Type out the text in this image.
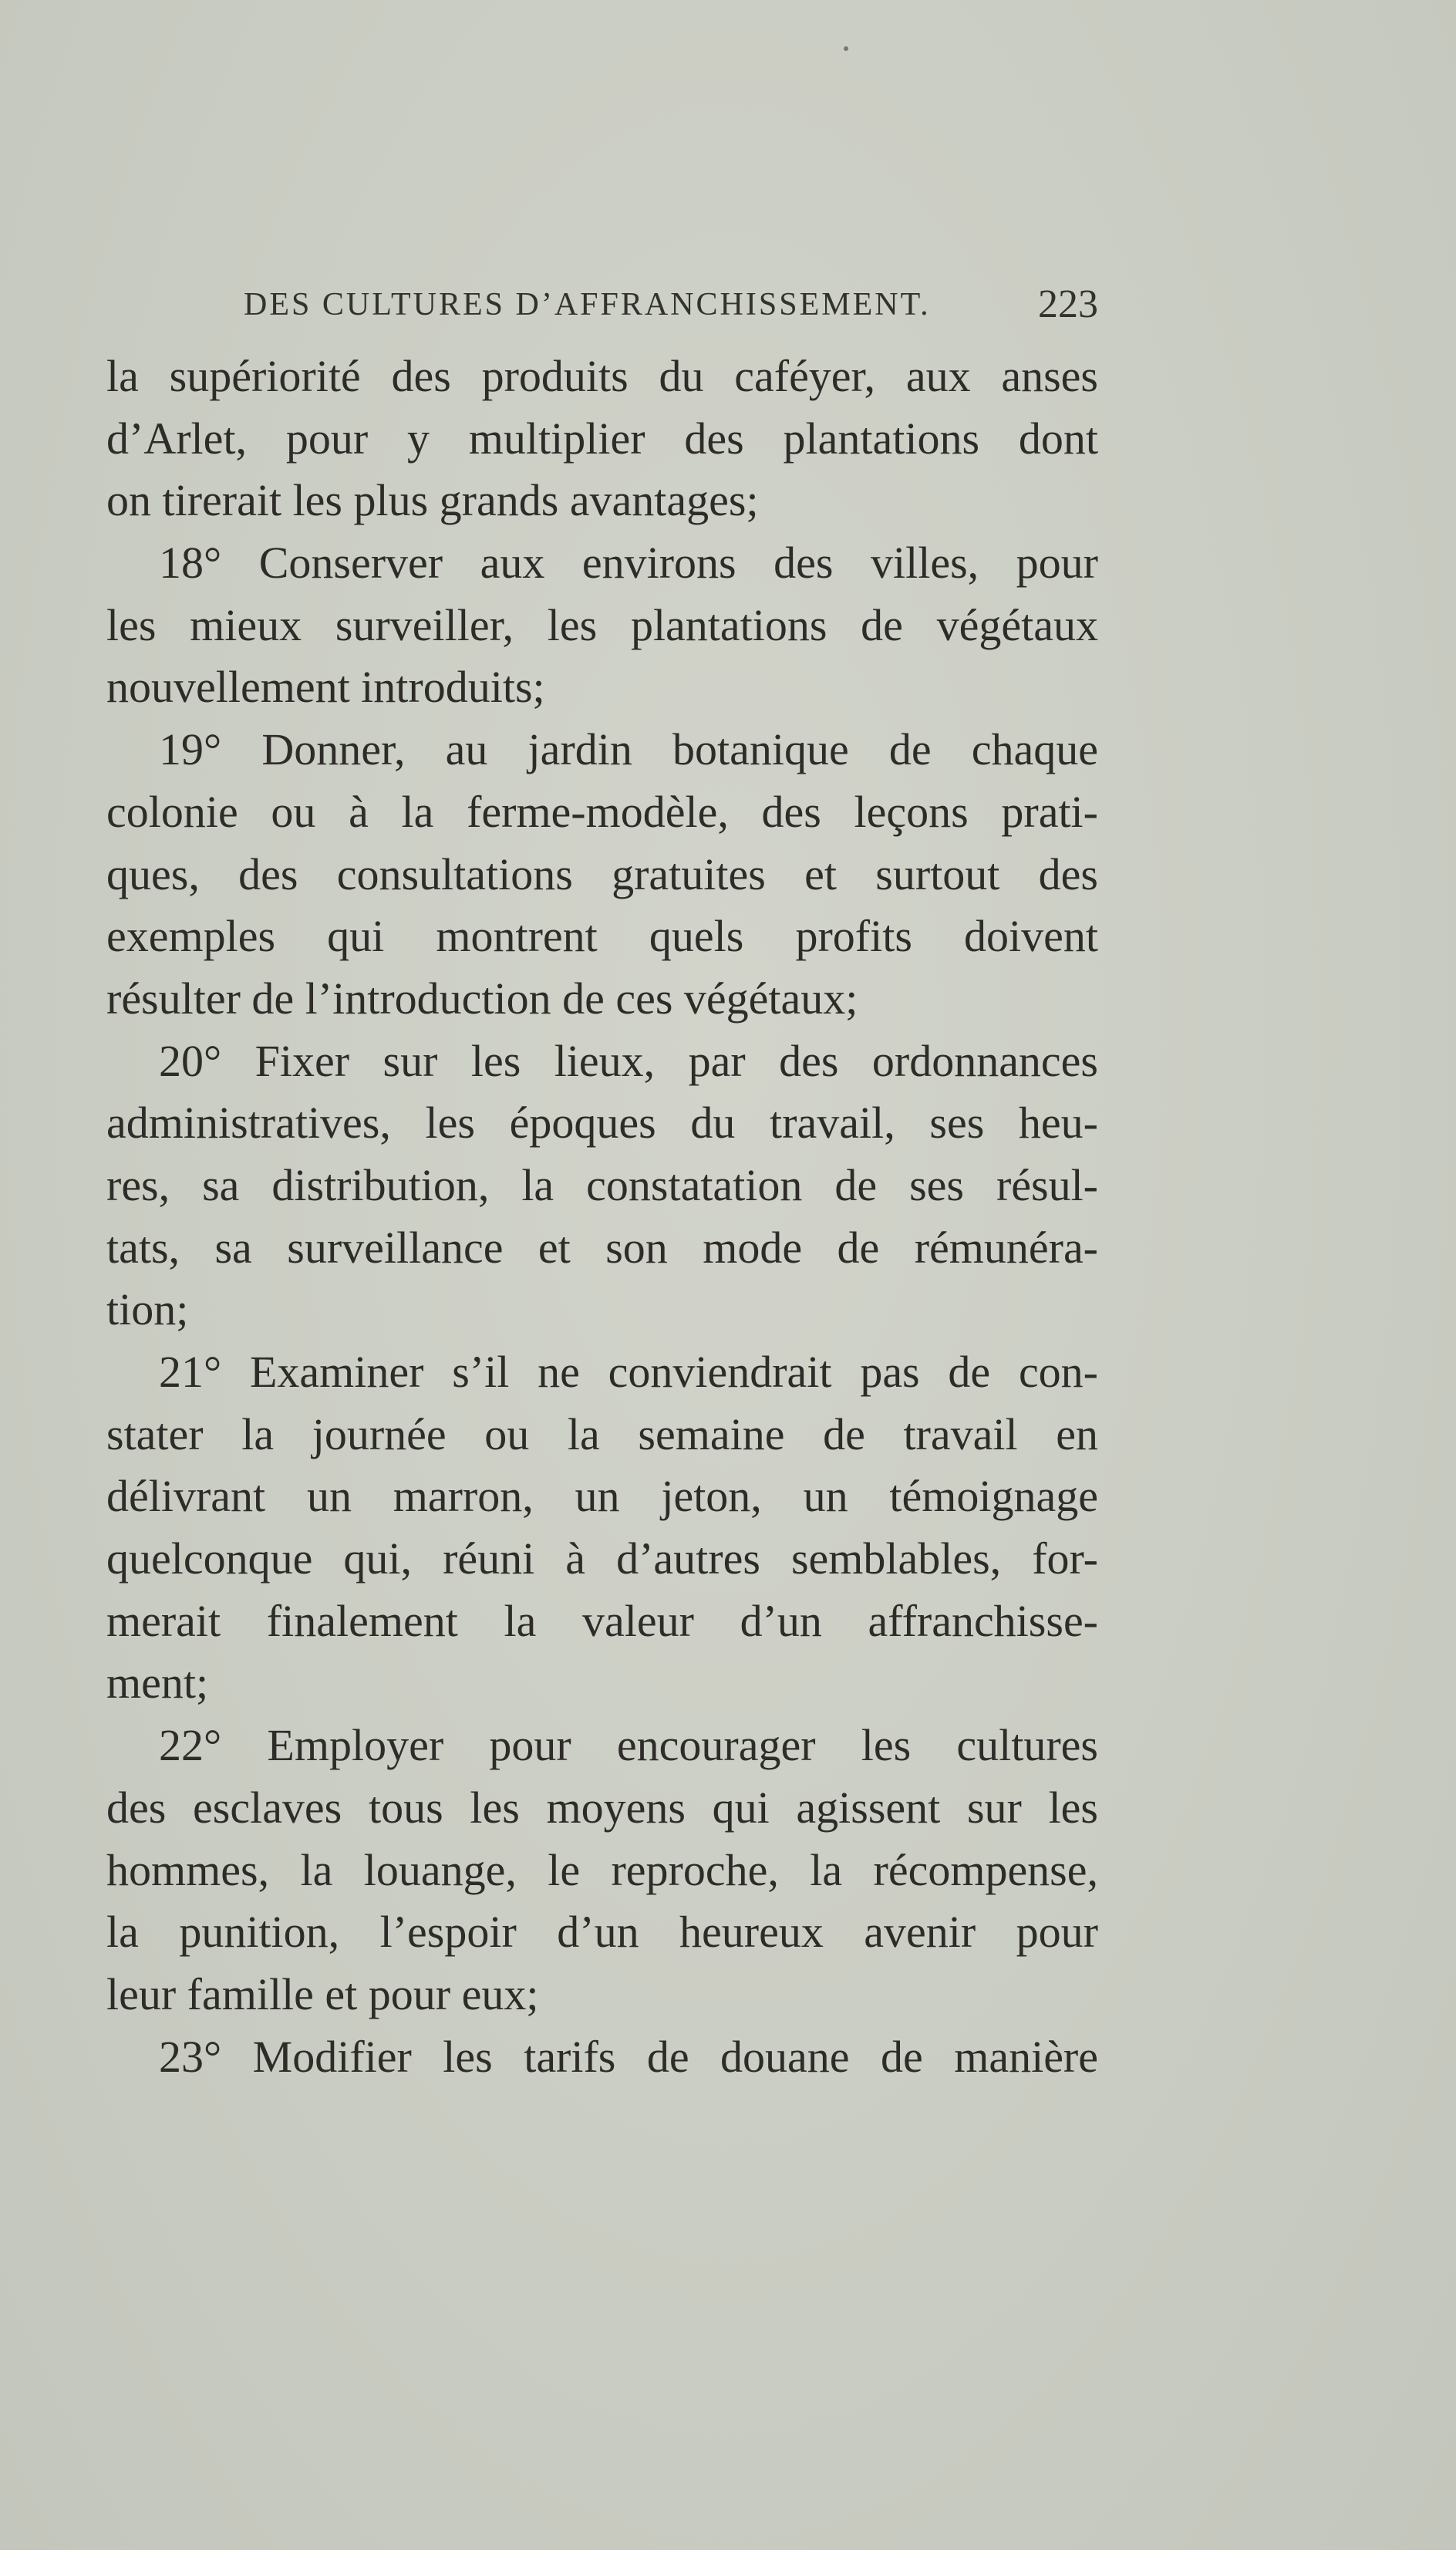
DES CULTURES D’AFFRANCHISSEMENT.	223
la supériorité des produits du caféyer, aux anses
d’Arlet, pour y multiplier des plantations dont
on tirerait les plus grands avantages;
18° Conserver aux environs des villes, pour
les mieux surveiller, les plantations de végétaux
nouvellement introduits;
19° Donner, au jardin botanique de chaque
colonie ou à la ferme-modèle, des leçons prati-
ques, des consultations gratuites et surtout des
exemples qui montrent quels profits doivent
résulter de l’introduction de ces végétaux;
20° Fixer sur les lieux, par des ordonnances
administratives, les époques du travail, ses heu-
res, sa distribution, la constatation de ses résul-
tats, sa surveillance et son mode de rémunéra-
tion;
21° Examiner s’il ne conviendrait pas de con-
stater la journée ou la semaine de travail en
délivrant un marron, un jeton, un témoignage
quelconque qui, réuni à d’autres semblables, for-
merait finalement la valeur d’un affranchisse-
ment;
22° Employer pour encourager les cultures
des esclaves tous les moyens qui agissent sur les
hommes, la louange, le reproche, la récompense,
la punition, l’espoir d’un heureux avenir pour
leur famille et pour eux;
23° Modifier les tarifs de douane de manière
